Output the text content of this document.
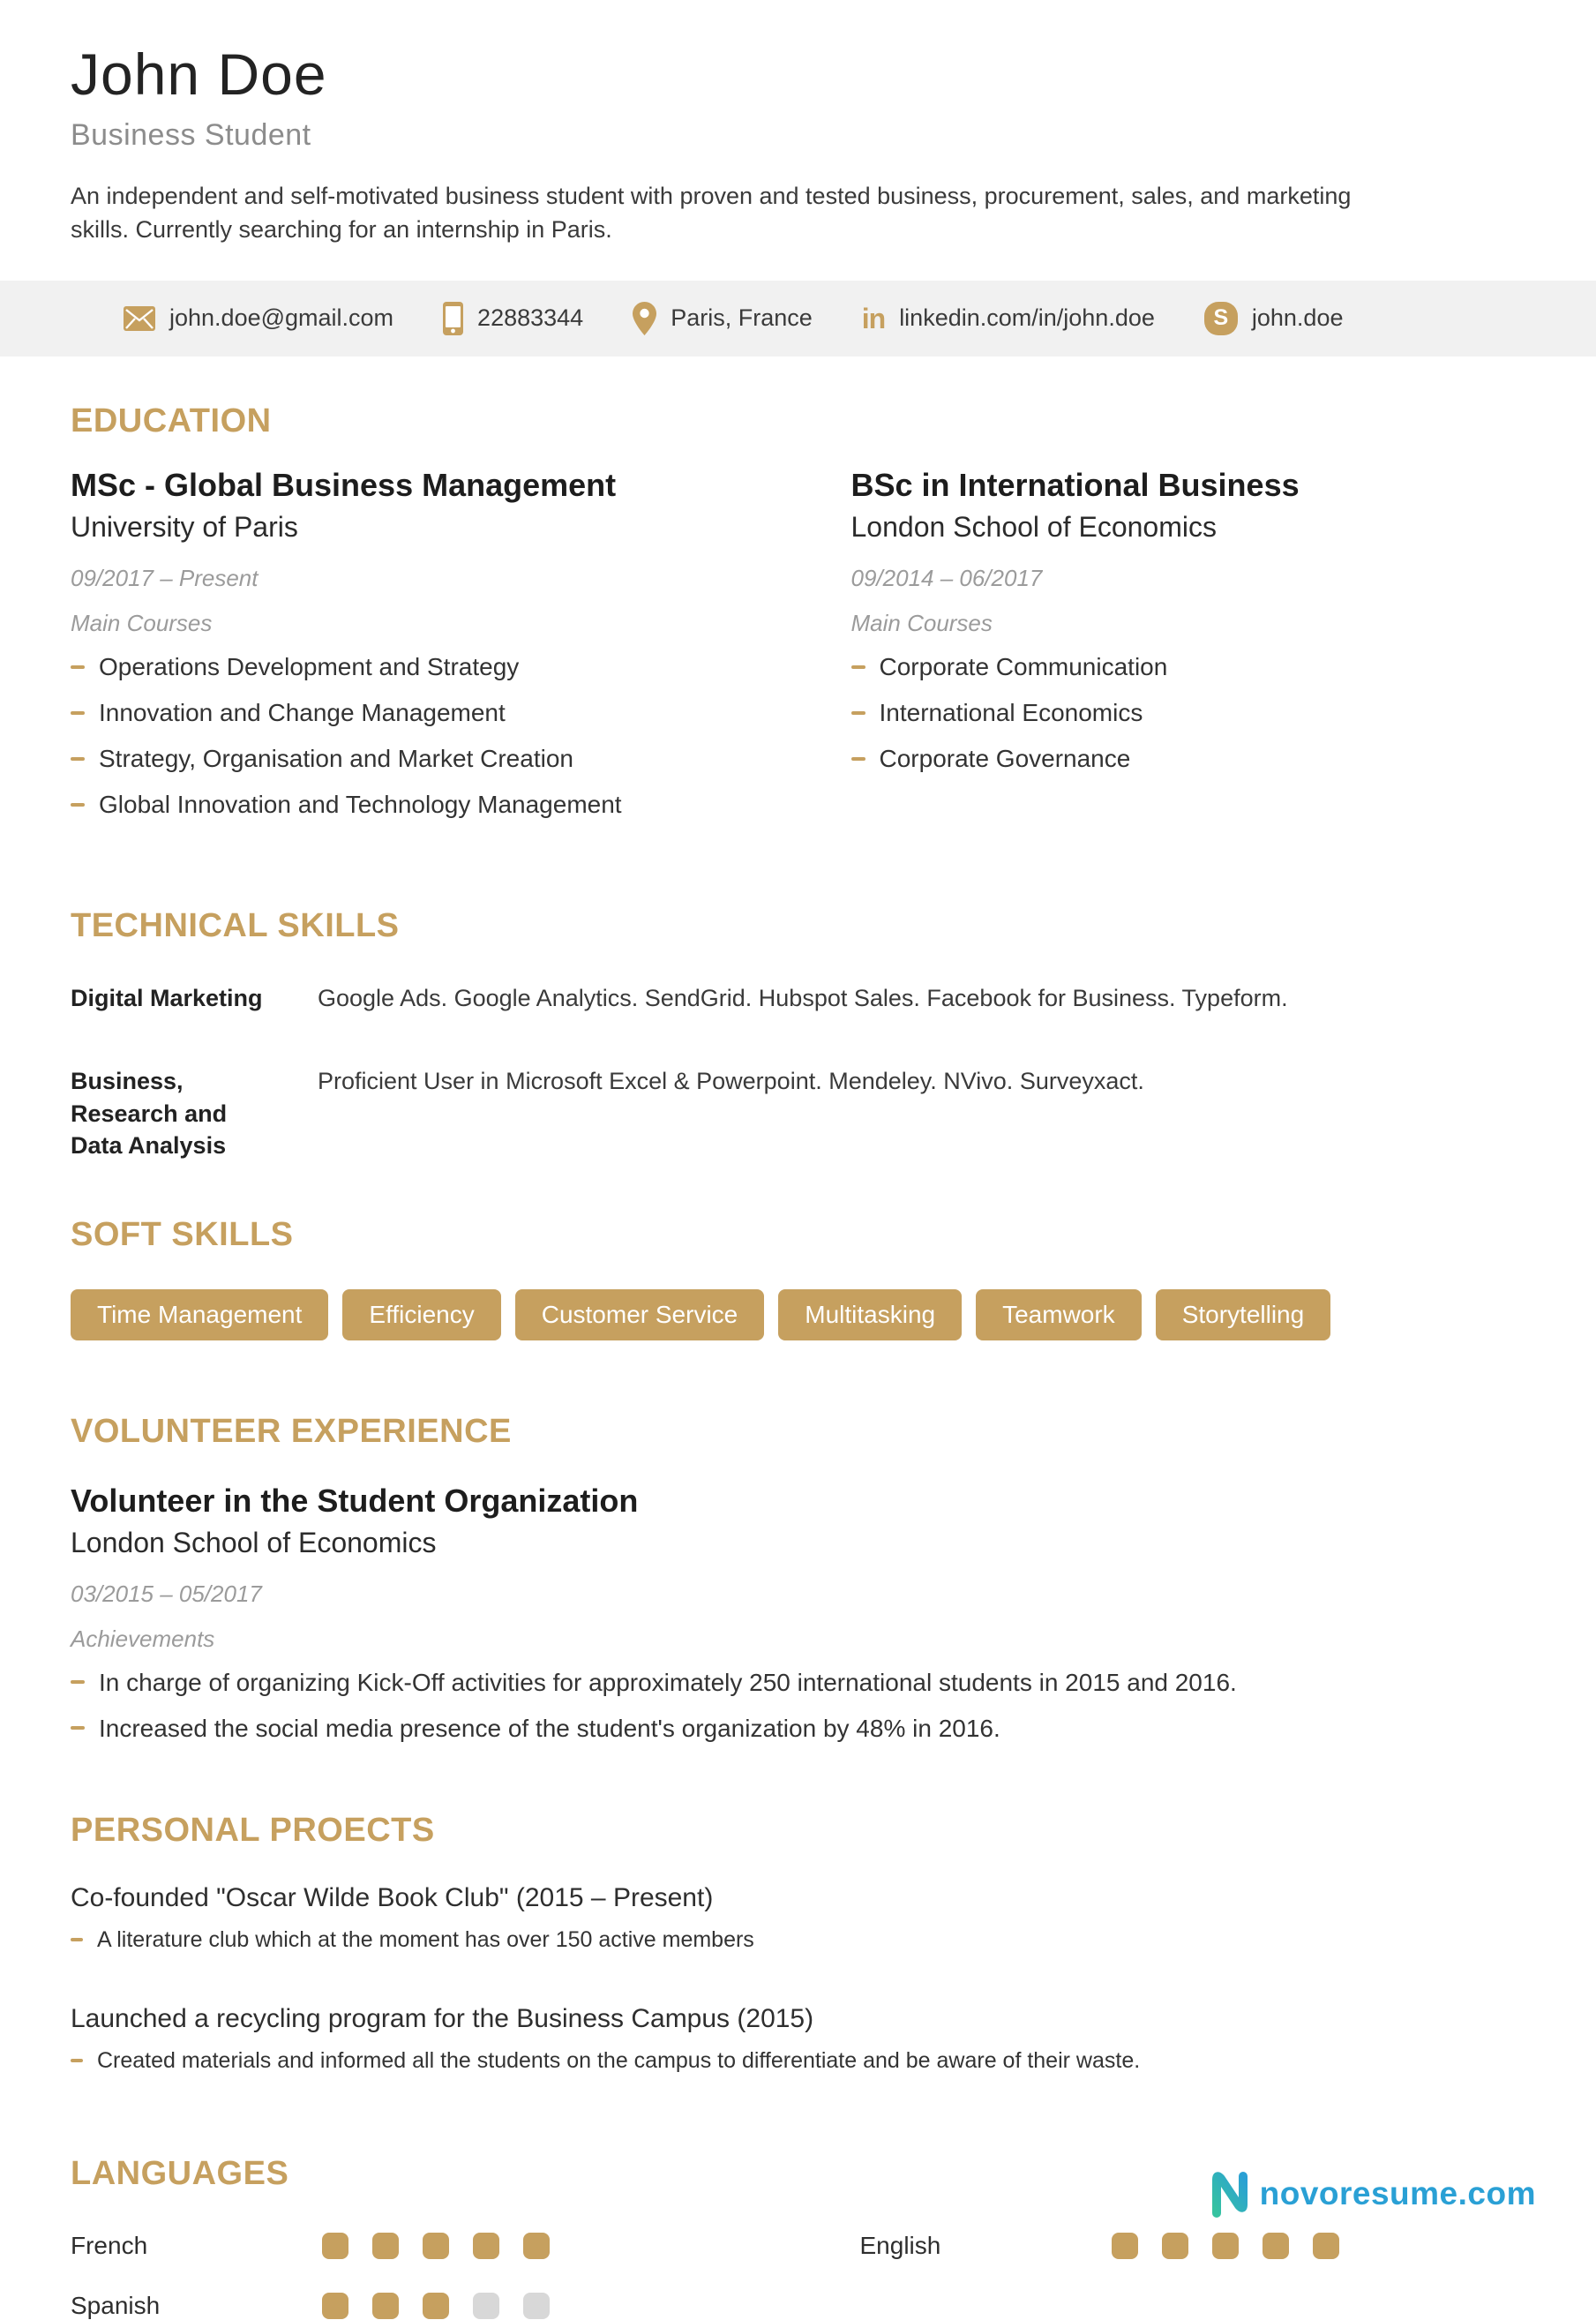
John Doe
Business Student

An independent and self-motivated business student with proven and tested business, procurement, sales, and marketing skills. Currently searching for an internship in Paris.

john.doe@gmail.com	22883344	Paris, France in linkedin.com/in/john.doe	S john.doe
EDUCATION
MSc - Global Business Management
University of Paris
09/2017 – Present
Main Courses
Operations Development and Strategy
Innovation and Change Management
Strategy, Organisation and Market Creation
Global Innovation and Technology Management
BSc in International Business
London School of Economics
09/2014 – 06/2017
Main Courses
Corporate Communication
International Economics
Corporate Governance
TECHNICAL SKILLS
Digital Marketing Google Ads. Google Analytics. SendGrid. Hubspot Sales. Facebook for Business. Typeform.
Business, Research and Data Analysis
Proficient User in Microsoft Excel & Powerpoint. Mendeley. NVivo. Surveyxact.
SOFT SKILLS
Time Management	Efficiency	Customer Service	Multitasking	Teamwork	Storytelling
VOLUNTEER EXPERIENCE
Volunteer in the Student Organization
London School of Economics
03/2015 – 05/2017
Achievements
In charge of organizing Kick-Off activities for approximately 250 international students in 2015 and 2016.
Increased the social media presence of the student's organization by 48% in 2016.
PERSONAL PROECTS
Co-founded "Oscar Wilde Book Club" (2015 – Present)
A literature club which at the moment has over 150 active members
Launched a recycling program for the Business Campus (2015)
Created materials and informed all the students on the campus to differentiate and be aware of their waste.
LANGUAGES
French	English
Spanish
novoresume.com
